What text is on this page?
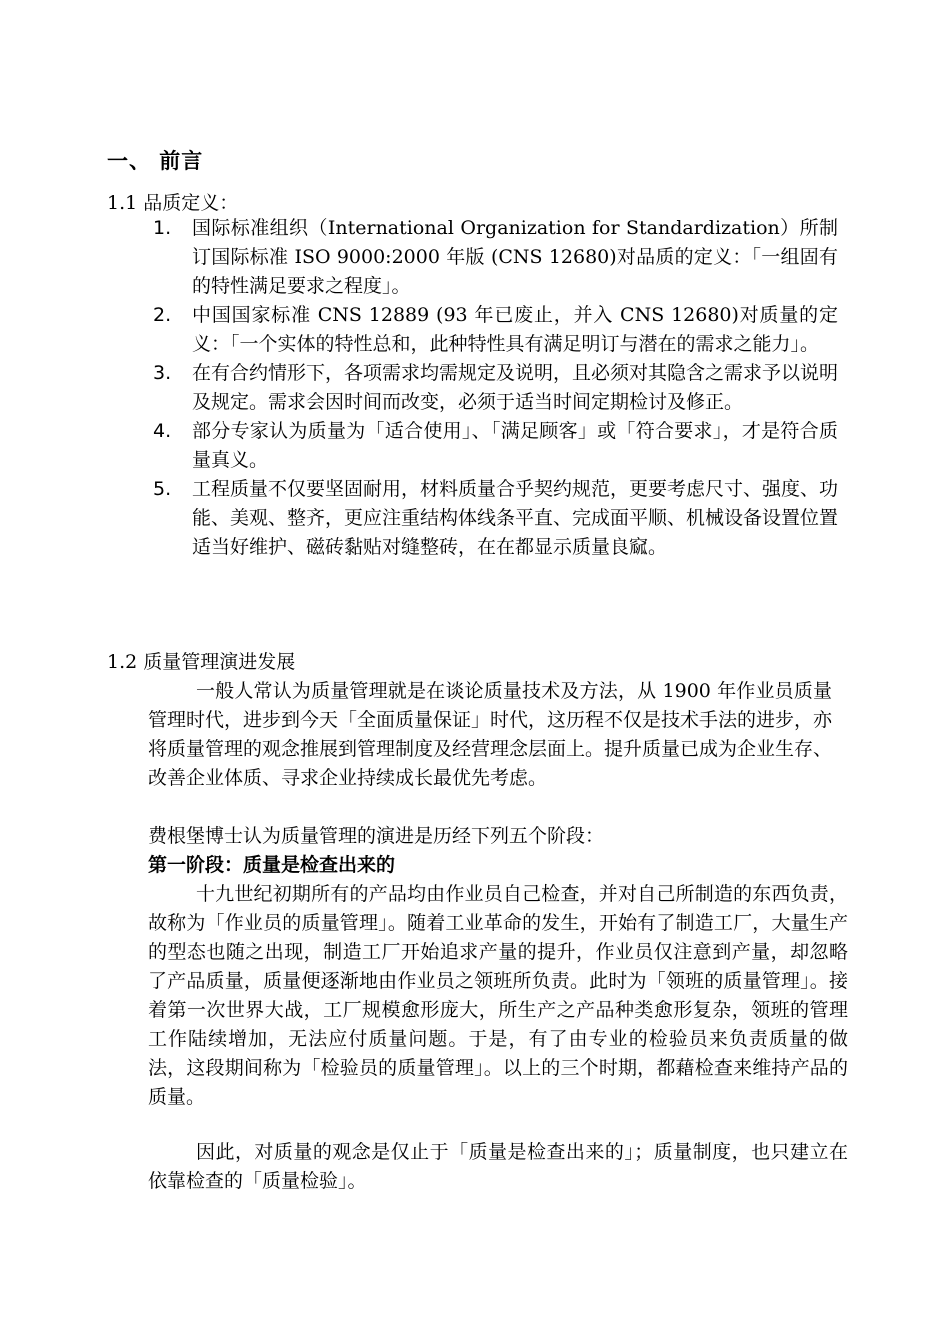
一、 前言

1.1 品质定义：

1.	国际标准组织（International Organization for Standardization）所制订国际标准 ISO 9000:2000 年版 (CNS 12680)对品质的定义：「一组固有的特性满足要求之程度」。
2.	中国国家标准 CNS 12889 (93 年已废止，并入 CNS 12680)对质量的定义：「一个实体的特性总和，此种特性具有满足明订与潜在的需求之能力」。
3.	在有合约情形下，各项需求均需规定及说明，且必须对其隐含之需求予以说明及规定。需求会因时间而改变，必须于适当时间定期检讨及修正。
4.	部分专家认为质量为「适合使用」、「满足顾客」或「符合要求」，才是符合质量真义。
5.	工程质量不仅要坚固耐用，材料质量合乎契约规范，更要考虑尺寸、强度、功能、美观、整齐，更应注重结构体线条平直、完成面平顺、机械设备设置位置适当好维护、磁砖黏贴对缝整砖，在在都显示质量良窳。

1.2 质量管理演进发展

一般人常认为质量管理就是在谈论质量技术及方法，从 1900 年作业员质量管理时代，进步到今天「全面质量保证」时代，这历程不仅是技术手法的进步，亦将质量管理的观念推展到管理制度及经营理念层面上。提升质量已成为企业生存、改善企业体质、寻求企业持续成长最优先考虑。

费根堡博士认为质量管理的演进是历经下列五个阶段：

第一阶段：质量是检查出来的

十九世纪初期所有的产品均由作业员自己检查，并对自己所制造的东西负责，故称为「作业员的质量管理」。随着工业革命的发生，开始有了制造工厂，大量生产的型态也随之出现，制造工厂开始追求产量的提升，作业员仅注意到产量，却忽略了产品质量，质量便逐渐地由作业员之领班所负责。此时为「领班的质量管理」。接着第一次世界大战，工厂规模愈形庞大，所生产之产品种类愈形复杂，领班的管理工作陆续增加，无法应付质量问题。于是，有了由专业的检验员来负责质量的做法，这段期间称为「检验员的质量管理」。以上的三个时期，都藉检查来维持产品的质量。

因此，对质量的观念是仅止于「质量是检查出来的」；质量制度，也只建立在依靠检查的「质量检验」。
